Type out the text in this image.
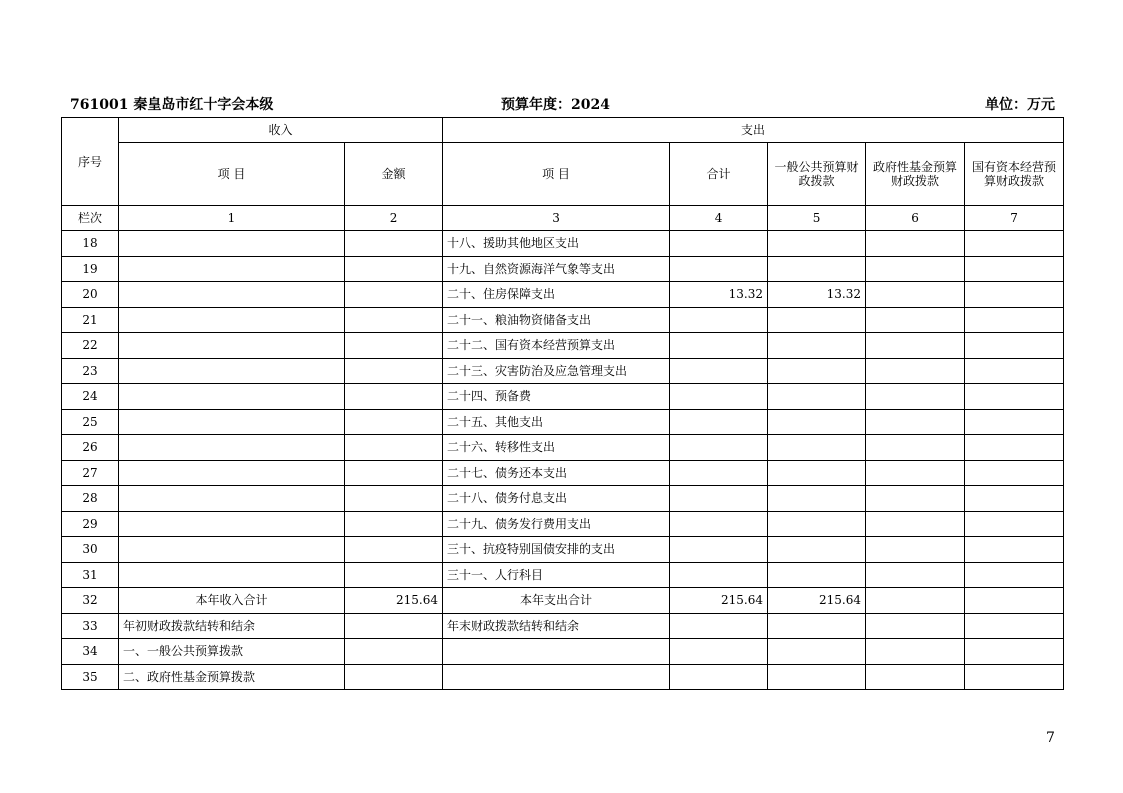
761001 秦皇岛市红十字会本级	预算年度：2024	单位：万元
序号	收入		支出				
	项 目	金额	项 目	合计	一般公共预算财政拨款	政府性基金预算财政拨款	国有资本经营预算财政拨款
栏次	1	2	3	4	5	6	7
18			十八、援助其他地区支出				
19			十九、自然资源海洋气象等支出				
20			二十、住房保障支出	13.32	13.32		
21			二十一、粮油物资储备支出				
22			二十二、国有资本经营预算支出				
23			二十三、灾害防治及应急管理支出				
24			二十四、预备费				
25			二十五、其他支出				
26			二十六、转移性支出				
27			二十七、债务还本支出				
28			二十八、债务付息支出				
29			二十九、债务发行费用支出				
30			三十、抗疫特别国债安排的支出				
31			三十一、人行科目				
32	本年收入合计	215.64	本年支出合计	215.64	215.64		
33	年初财政拨款结转和结余		年末财政拨款结转和结余				
34	一、一般公共预算拨款						
35	二、政府性基金预算拨款						
7
